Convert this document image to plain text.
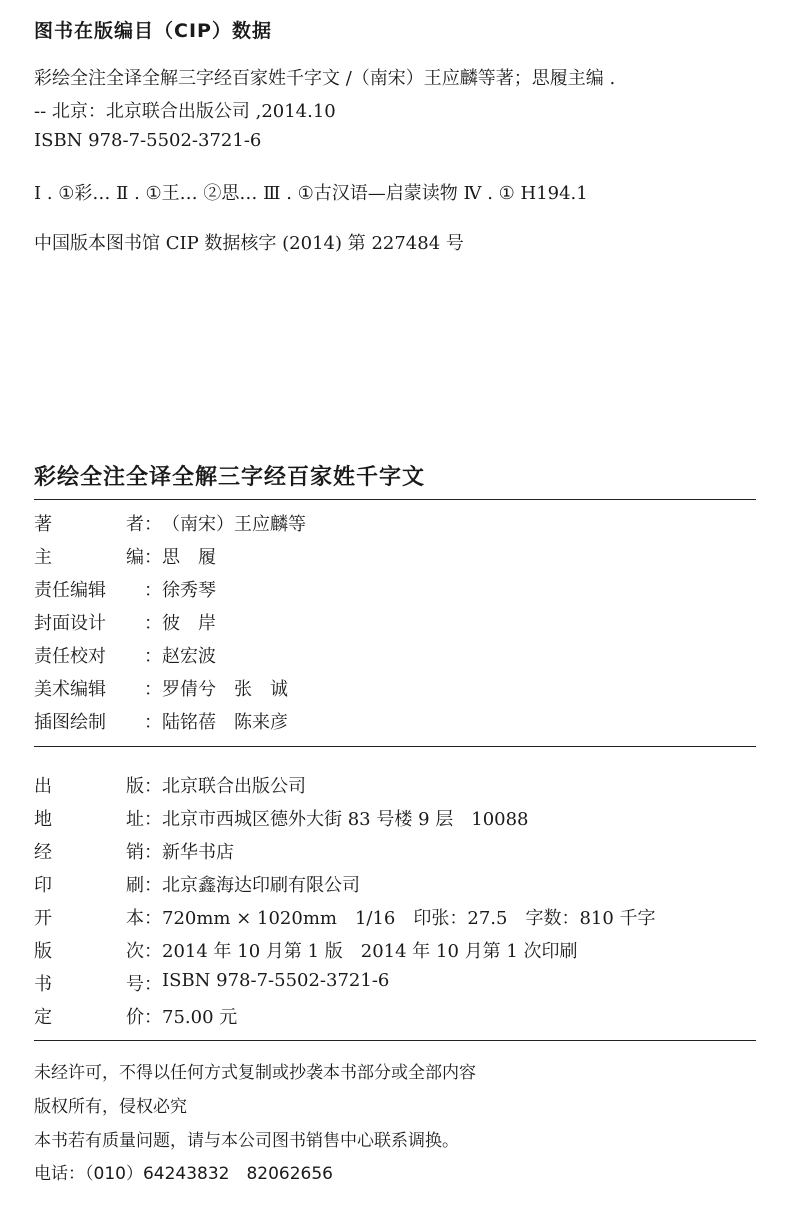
图书在版编目（CIP）数据
彩绘全注全译全解三字经百家姓千字文 /（南宋）王应麟等著；思履主编 .
-- 北京：北京联合出版公司 ,2014.10
ISBN 978-7-5502-3721-6
Ⅰ . ①彩… Ⅱ . ①王… ②思… Ⅲ . ①古汉语—启蒙读物 Ⅳ . ① H194.1
中国版本图书馆 CIP 数据核字 (2014) 第 227484 号
彩绘全注全译全解三字经百家姓千字文
著	者 ： （南宋）王应麟等
主	编 ： 思　履
责任编辑 ： 徐秀琴
封面设计 ： 彼　岸
责任校对 ： 赵宏波
美术编辑 ： 罗倩兮　张　诚
插图绘制 ： 陆铭蓓　陈来彦
出	版 ： 北京联合出版公司
地	址 ： 北京市西城区德外大街 83 号楼 9 层　10088
经	销 ： 新华书店
印	刷 ： 北京鑫海达印刷有限公司
开	本 ： 720mm × 1020mm　1/16　印张：27.5　字数：810 千字
版	次 ： 2014 年 10 月第 1 版　2014 年 10 月第 1 次印刷
书	号 ： ISBN 978-7-5502-3721-6
定	价 ： 75.00 元
未经许可，不得以任何方式复制或抄袭本书部分或全部内容
版权所有，侵权必究
本书若有质量问题，请与本公司图书销售中心联系调换。
电话：（010）64243832　82062656
